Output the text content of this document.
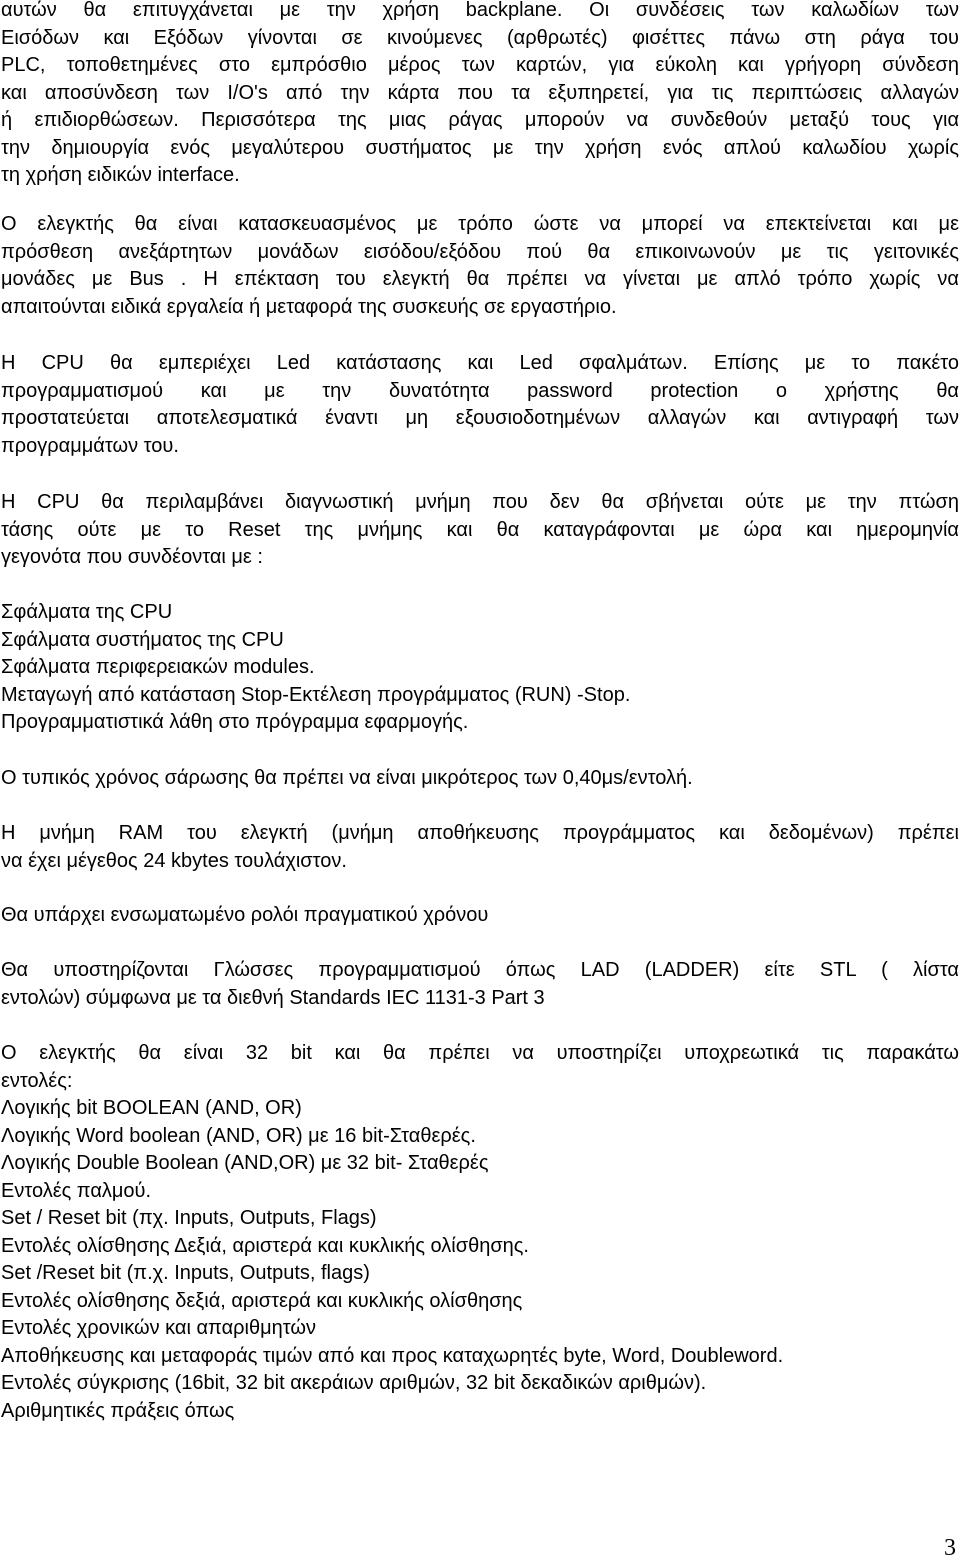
αυτών θα επιτυγχάνεται με την χρήση backplane. Οι συνδέσεις των καλωδίων των
Εισόδων και Εξόδων γίνονται σε κινούμενες (αρθρωτές) φισέττες πάνω στη ράγα του
PLC, τοποθετημένες στο εμπρόσθιο μέρος των καρτών, για εύκολη και γρήγορη σύνδεση
και αποσύνδεση των I/O's από την κάρτα που τα εξυπηρετεί, για τις περιπτώσεις αλλαγών
ή επιδιορθώσεων. Περισσότερα της μιας ράγας μπορούν να συνδεθούν μεταξύ τους για
την δημιουργία ενός μεγαλύτερου συστήματος με την χρήση ενός απλού καλωδίου χωρίς
τη χρήση ειδικών interface.
Ο ελεγκτής θα είναι κατασκευασμένος με τρόπο ώστε να μπορεί να επεκτείνεται και με
πρόσθεση ανεξάρτητων μονάδων εισόδου/εξόδου πού θα επικοινωνούν με τις γειτονικές
μονάδες με Bus . Η επέκταση του ελεγκτή θα πρέπει να γίνεται με απλό τρόπο χωρίς να
απαιτούνται ειδικά εργαλεία ή μεταφορά της συσκευής σε εργαστήριο.
Η CPU θα εμπεριέχει Led κατάστασης και Led σφαλμάτων. Επίσης με το πακέτο
προγραμματισμού και με την δυνατότητα password protection ο χρήστης θα
προστατεύεται αποτελεσματικά έναντι μη εξουσιοδοτημένων αλλαγών και αντιγραφή των
προγραμμάτων του.
Η CPU θα περιλαμβάνει διαγνωστική μνήμη που δεν θα σβήνεται ούτε με την πτώση
τάσης ούτε με το Reset της μνήμης και θα καταγράφονται με ώρα και ημερομηνία
γεγονότα που συνδέονται με :
Σφάλματα της CPU
Σφάλματα συστήματος της CPU
Σφάλματα περιφερειακών modules.
Μεταγωγή από κατάσταση Stop-Εκτέλεση προγράμματος (RUN) -Stop.
Προγραμματιστικά λάθη στο πρόγραμμα εφαρμογής.
Ο τυπικός χρόνος σάρωσης θα πρέπει να είναι μικρότερος των 0,40μs/εντολή.
Η μνήμη RAM του ελεγκτή (μνήμη αποθήκευσης προγράμματος και δεδομένων) πρέπει
να έχει μέγεθος 24 kbytes τουλάχιστον.
Θα υπάρχει ενσωματωμένο ρολόι πραγματικού χρόνου
Θα υποστηρίζονται Γλώσσες προγραμματισμού όπως LAD (LADDER) είτε STL ( λίστα
εντολών) σύμφωνα με τα διεθνή Standards IEC 1131-3 Part 3
Ο ελεγκτής θα είναι 32 bit και θα πρέπει να υποστηρίζει υποχρεωτικά τις παρακάτω
εντολές:
Λογικής bit BOOLEAN (AND, OR)
Λογικής Word boolean (AND, OR) με 16 bit-Σταθερές.
Λογικής Double Boolean (AND,OR) με 32 bit- Σταθερές
Εντολές παλμού.
Set / Reset bit (πχ. Inputs, Outputs, Flags)
Εντολές ολίσθησης Δεξιά, αριστερά και κυκλικής ολίσθησης.
Set /Reset bit (π.χ. Inputs, Outputs, flags)
Εντολές ολίσθησης δεξιά, αριστερά και κυκλικής ολίσθησης
Εντολές χρονικών και απαριθμητών
Αποθήκευσης και μεταφοράς τιμών από και προς καταχωρητές byte, Word, Doubleword.
Εντολές σύγκρισης (16bit, 32 bit ακεράιων αριθμών, 32 bit δεκαδικών αριθμών).
Αριθμητικές πράξεις όπως
3
